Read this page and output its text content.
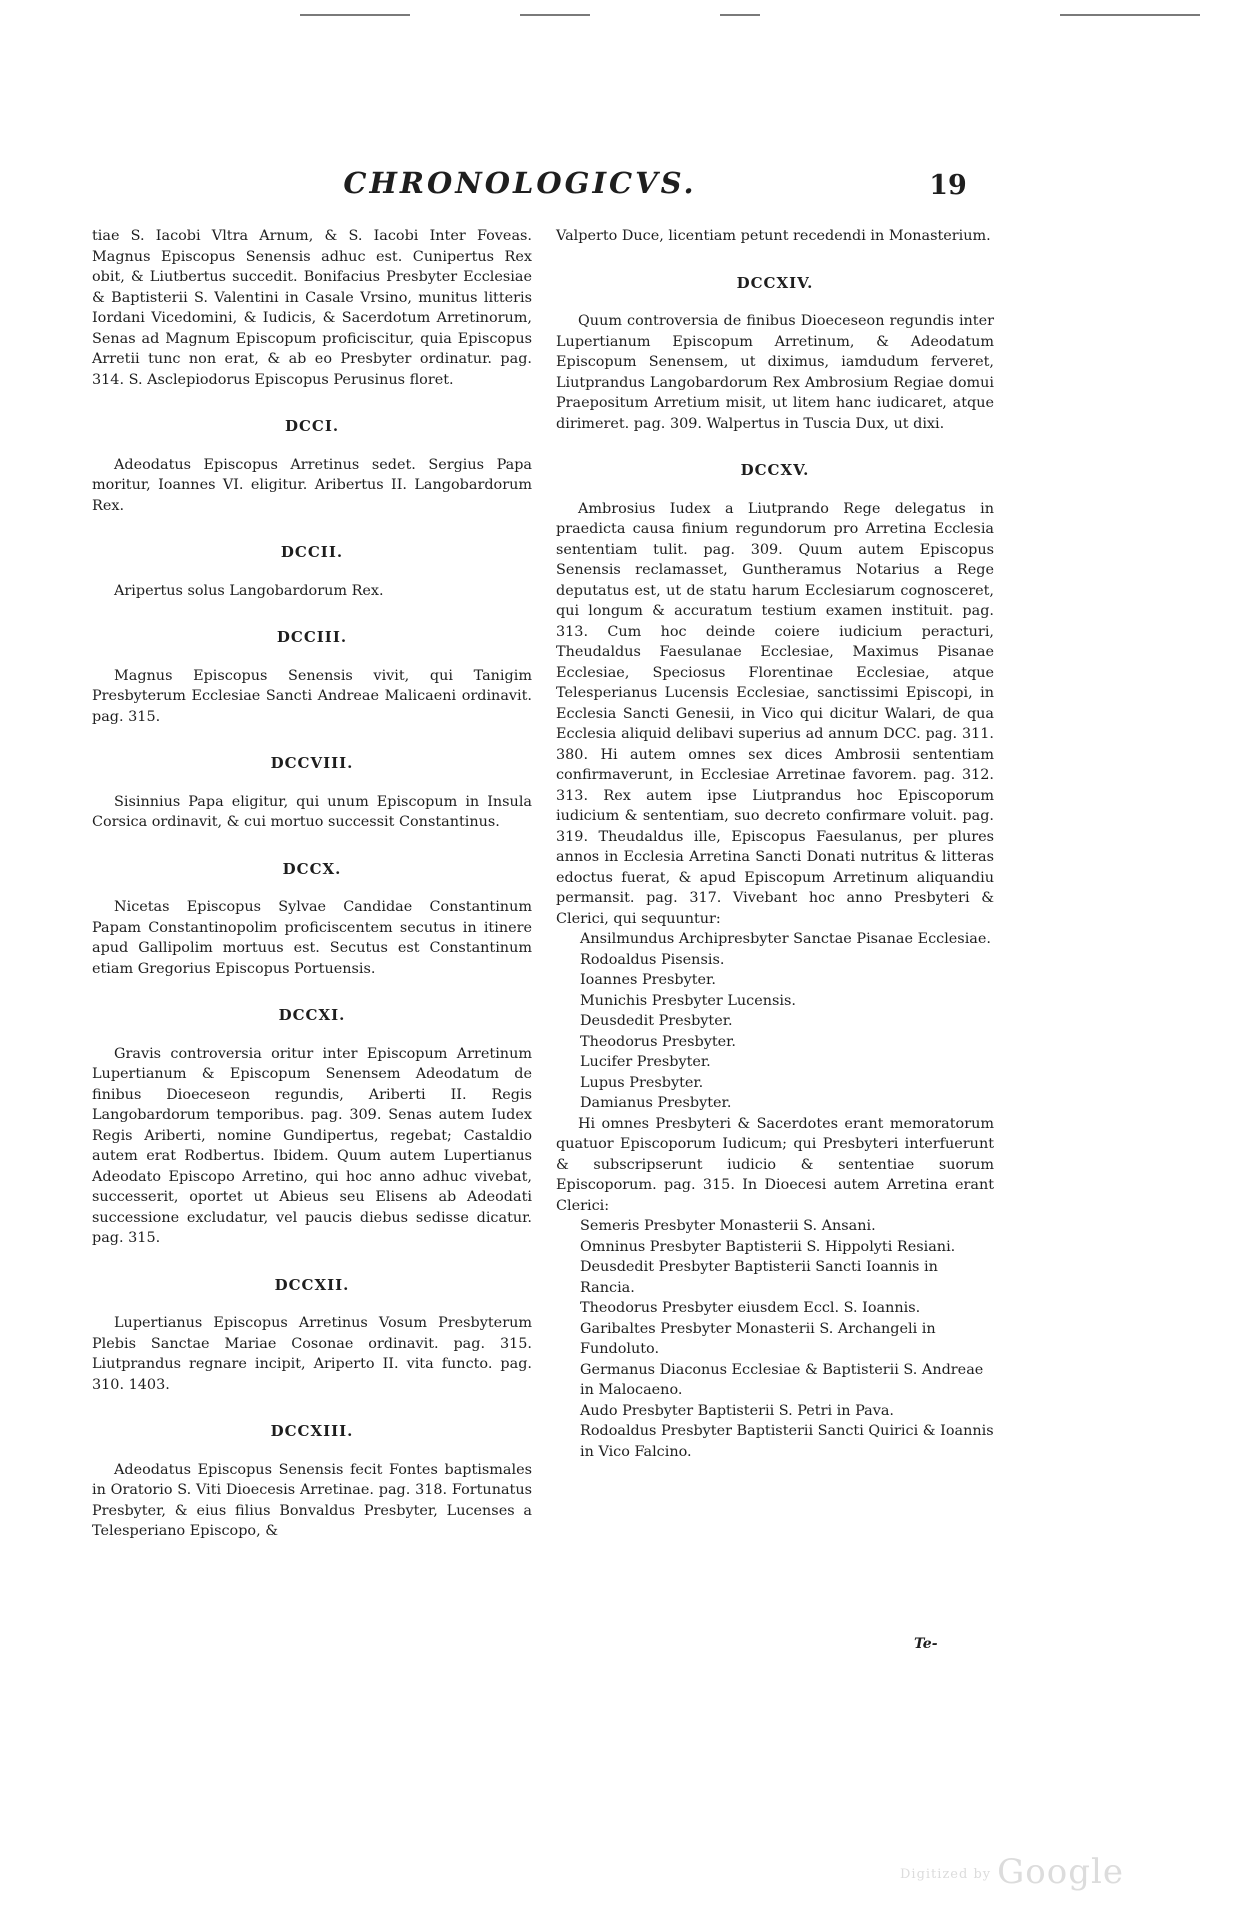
CHRONOLOGICVS.	19

tiae S. Iacobi Vltra Arnum, & S. Iacobi Inter Foveas. Magnus Episcopus Senensis adhuc est. Cunipertus Rex obit, & Liutbertus succedit. Bonifacius Presbyter Ecclesiae & Baptisterii S. Valentini in Casale Vrsino, munitus litteris Iordani Vicedomini, & Iudicis, & Sacerdotum Arretinorum, Senas ad Magnum Episcopum proficiscitur, quia Episcopus Arretii tunc non erat, & ab eo Presbyter ordinatur. pag. 314. S. Asclepiodorus Episcopus Perusinus floret.

DCCI.

Adeodatus Episcopus Arretinus sedet. Sergius Papa moritur, Ioannes VI. eligitur. Aribertus II. Langobardorum Rex.

DCCII.

Aripertus solus Langobardorum Rex.

DCCIII.

Magnus Episcopus Senensis vivit, qui Tanigim Presbyterum Ecclesiae Sancti Andreae Malicaeni ordinavit. pag. 315.

DCCVIII.

Sisinnius Papa eligitur, qui unum Episcopum in Insula Corsica ordinavit, & cui mortuo successit Constantinus.

DCCX.

Nicetas Episcopus Sylvae Candidae Constantinum Papam Constantinopolim proficiscentem secutus in itinere apud Gallipolim mortuus est. Secutus est Constantinum etiam Gregorius Episcopus Portuensis.

DCCXI.

Gravis controversia oritur inter Episcopum Arretinum Lupertianum & Episcopum Senensem Adeodatum de finibus Dioeceseon regundis, Ariberti II. Regis Langobardorum temporibus. pag. 309. Senas autem Iudex Regis Ariberti, nomine Gundipertus, regebat; Castaldio autem erat Rodbertus. Ibidem. Quum autem Lupertianus Adeodato Episcopo Arretino, qui hoc anno adhuc vivebat, successerit, oportet ut Abieus seu Elisens ab Adeodati successione excludatur, vel paucis diebus sedisse dicatur. pag. 315.

DCCXII.

Lupertianus Episcopus Arretinus Vosum Presbyterum Plebis Sanctae Mariae Cosonae ordinavit. pag. 315. Liutprandus regnare incipit, Ariperto II. vita functo. pag. 310. 1403.

DCCXIII.

Adeodatus Episcopus Senensis fecit Fontes baptismales in Oratorio S. Viti Dioecesis Arretinae. pag. 318. Fortunatus Presbyter, & eius filius Bonvaldus Presbyter, Lucenses a Telesperiano Episcopo, &

Valperto Duce, licentiam petunt recedendi in Monasterium.

DCCXIV.

Quum controversia de finibus Dioeceseon regundis inter Lupertianum Episcopum Arretinum, & Adeodatum Episcopum Senensem, ut diximus, iamdudum ferveret, Liutprandus Langobardorum Rex Ambrosium Regiae domui Praepositum Arretium misit, ut litem hanc iudicaret, atque dirimeret. pag. 309. Walpertus in Tuscia Dux, ut dixi.

DCCXV.

Ambrosius Iudex a Liutprando Rege delegatus in praedicta causa finium regundorum pro Arretina Ecclesia sententiam tulit. pag. 309. Quum autem Episcopus Senensis reclamasset, Guntheramus Notarius a Rege deputatus est, ut de statu harum Ecclesiarum cognosceret, qui longum & accuratum testium examen instituit. pag. 313. Cum hoc deinde coiere iudicium peracturi, Theudaldus Faesulanae Ecclesiae, Maximus Pisanae Ecclesiae, Speciosus Florentinae Ecclesiae, atque Telesperianus Lucensis Ecclesiae, sanctissimi Episcopi, in Ecclesia Sancti Genesii, in Vico qui dicitur Walari, de qua Ecclesia aliquid delibavi superius ad annum DCC. pag. 311. 380. Hi autem omnes sex dices Ambrosii sententiam confirmaverunt, in Ecclesiae Arretinae favorem. pag. 312. 313. Rex autem ipse Liutprandus hoc Episcoporum iudicium & sententiam, suo decreto confirmare voluit. pag. 319. Theudaldus ille, Episcopus Faesulanus, per plures annos in Ecclesia Arretina Sancti Donati nutritus & litteras edoctus fuerat, & apud Episcopum Arretinum aliquandiu permansit. pag. 317. Vivebant hoc anno Presbyteri & Clerici, qui sequuntur:

Ansilmundus Archipresbyter Sanctae Pisanae Ecclesiae.

Rodoaldus Pisensis.

Ioannes Presbyter.

Munichis Presbyter Lucensis.

Deusdedit Presbyter.

Theodorus Presbyter.

Lucifer Presbyter.

Lupus Presbyter.

Damianus Presbyter.

Hi omnes Presbyteri & Sacerdotes erant memoratorum quatuor Episcoporum Iudicum; qui Presbyteri interfuerunt & subscripserunt iudicio & sententiae suorum Episcoporum. pag. 315. In Dioecesi autem Arretina erant Clerici:

Semeris Presbyter Monasterii S. Ansani.

Omninus Presbyter Baptisterii S. Hippolyti Resiani.

Deusdedit Presbyter Baptisterii Sancti Ioannis in Rancia.

Theodorus Presbyter eiusdem Eccl. S. Ioannis.

Garibaltes Presbyter Monasterii S. Archangeli in Fundoluto.

Germanus Diaconus Ecclesiae & Baptisterii S. Andreae in Malocaeno.

Audo Presbyter Baptisterii S. Petri in Pava.

Rodoaldus Presbyter Baptisterii Sancti Quirici & Ioannis in Vico Falcino.

Te-
Digitized by Google
